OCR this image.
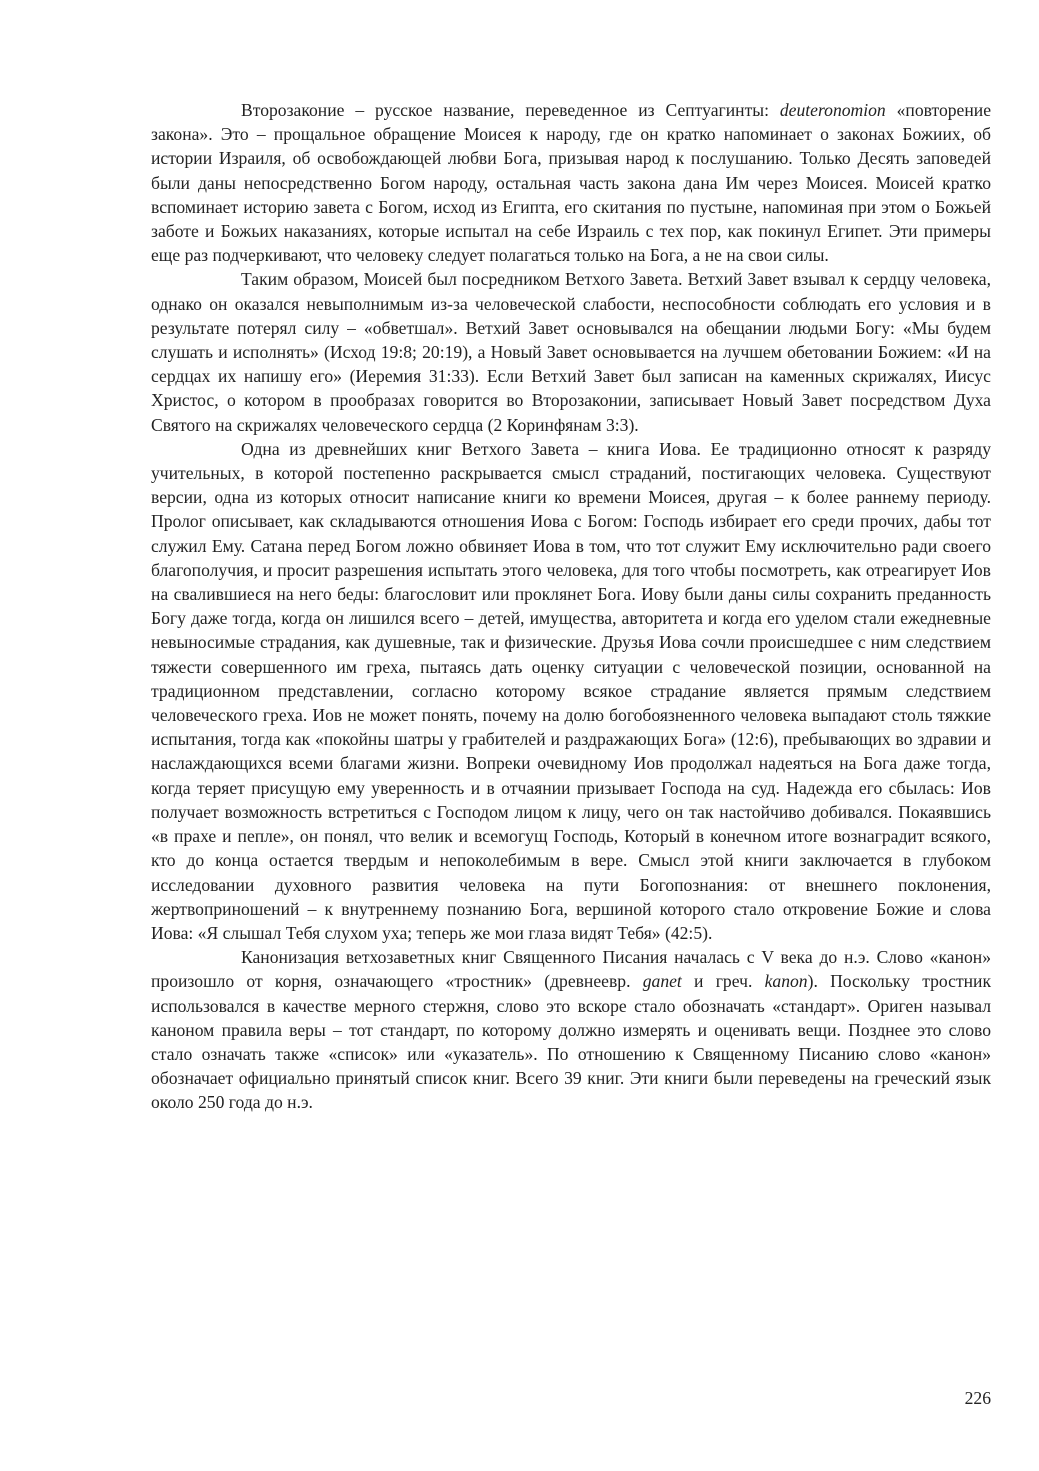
Второзаконие – русское название, переведенное из Септуагинты: deuteronomion «повторение закона». Это – прощальное обращение Моисея к народу, где он кратко напоминает о законах Божиих, об истории Израиля, об освобождающей любви Бога, призывая народ к послушанию. Только Десять заповедей были даны непосредственно Богом народу, остальная часть закона дана Им через Моисея. Моисей кратко вспоминает историю завета с Богом, исход из Египта, его скитания по пустыне, напоминая при этом о Божьей заботе и Божьих наказаниях, которые испытал на себе Израиль с тех пор, как покинул Египет. Эти примеры еще раз подчеркивают, что человеку следует полагаться только на Бога, а не на свои силы.

Таким образом, Моисей был посредником Ветхого Завета. Ветхий Завет взывал к сердцу человека, однако он оказался невыполнимым из-за человеческой слабости, неспособности соблюдать его условия и в результате потерял силу – «обветшал». Ветхий Завет основывался на обещании людьми Богу: «Мы будем слушать и исполнять» (Исход 19:8; 20:19), а Новый Завет основывается на лучшем обетовании Божием: «И на сердцах их напишу его» (Иеремия 31:33). Если Ветхий Завет был записан на каменных скрижалях, Иисус Христос, о котором в прообразах говорится во Второзаконии, записывает Новый Завет посредством Духа Святого на скрижалях человеческого сердца (2 Коринфянам 3:3).

Одна из древнейших книг Ветхого Завета – книга Иова. Ее традиционно относят к разряду учительных, в которой постепенно раскрывается смысл страданий, постигающих человека. Существуют версии, одна из которых относит написание книги ко времени Моисея, другая – к более раннему периоду. Пролог описывает, как складываются отношения Иова с Богом: Господь избирает его среди прочих, дабы тот служил Ему. Сатана перед Богом ложно обвиняет Иова в том, что тот служит Ему исключительно ради своего благополучия, и просит разрешения испытать этого человека, для того чтобы посмотреть, как отреагирует Иов на свалившиеся на него беды: благословит или проклянет Бога. Иову были даны силы сохранить преданность Богу даже тогда, когда он лишился всего – детей, имущества, авторитета и когда его уделом стали ежедневные невыносимые страдания, как душевные, так и физические. Друзья Иова сочли происшедшее с ним следствием тяжести совершенного им греха, пытаясь дать оценку ситуации с человеческой позиции, основанной на традиционном представлении, согласно которому всякое страдание является прямым следствием человеческого греха. Иов не может понять, почему на долю богобоязненного человека выпадают столь тяжкие испытания, тогда как «покойны шатры у грабителей и раздражающих Бога» (12:6), пребывающих во здравии и наслаждающихся всеми благами жизни. Вопреки очевидному Иов продолжал надеяться на Бога даже тогда, когда теряет присущую ему уверенность и в отчаянии призывает Господа на суд. Надежда его сбылась: Иов получает возможность встретиться с Господом лицом к лицу, чего он так настойчиво добивался. Покаявшись «в прахе и пепле», он понял, что велик и всемогущ Господь, Который в конечном итоге вознаградит всякого, кто до конца остается твердым и непоколебимым в вере. Смысл этой книги заключается в глубоком исследовании духовного развития человека на пути Богопознания: от внешнего поклонения, жертвоприношений – к внутреннему познанию Бога, вершиной которого стало откровение Божие и слова Иова: «Я слышал Тебя слухом уха; теперь же мои глаза видят Тебя» (42:5).

Канонизация ветхозаветных книг Священного Писания началась с V века до н.э. Слово «канон» произошло от корня, означающего «тростник» (древнеевр. ganet и греч. kanon). Поскольку тростник использовался в качестве мерного стержня, слово это вскоре стало обозначать «стандарт». Ориген называл каноном правила веры – тот стандарт, по которому должно измерять и оценивать вещи. Позднее это слово стало означать также «список» или «указатель». По отношению к Священному Писанию слово «канон» обозначает официально принятый список книг. Всего 39 книг. Эти книги были переведены на греческий язык около 250 года до н.э.

226
